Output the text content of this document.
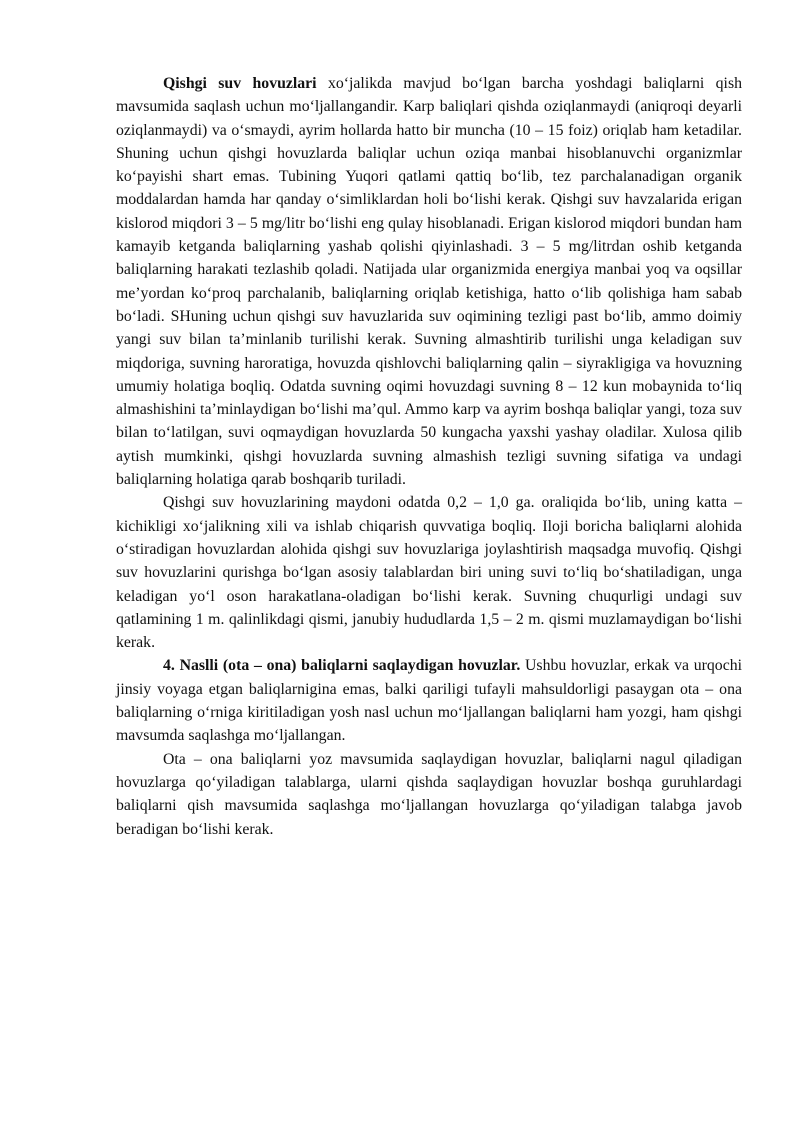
Qishgi suv hovuzlari xo‘jalikda mavjud bo‘lgan barcha yoshdagi baliqlarni qish mavsumida saqlash uchun mo‘ljallangandir. Karp baliqlari qishda oziqlanmaydi (aniqroqi deyarli oziqlanmaydi) va o‘smaydi, ayrim hollarda hatto bir muncha (10 – 15 foiz) oriqlab ham ketadilar. Shuning uchun qishgi hovuzlarda baliqlar uchun oziqa manbai hisoblanuvchi organizmlar ko‘payishi shart emas. Tubining Yuqori qatlami qattiq bo‘lib, tez parchalanadigan organik moddalardan hamda har qanday o‘simliklardan holi bo‘lishi kerak. Qishgi suv havzalarida erigan kislorod miqdori 3 – 5 mg/litr bo‘lishi eng qulay hisoblanadi. Erigan kislorod miqdori bundan ham kamayib ketganda baliqlarning yashab qolishi qiyinlashadi. 3 – 5 mg/litrdan oshib ketganda baliqlarning harakati tezlashib qoladi. Natijada ular organizmida energiya manbai yoq va oqsillar me’yordan ko‘proq parchalanib, baliqlarning oriqlab ketishiga, hatto o‘lib qolishiga ham sabab bo‘ladi. SHuning uchun qishgi suv havuzlarida suv oqimining tezligi past bo‘lib, ammo doimiy yangi suv bilan ta’minlanib turilishi kerak. Suvning almashtirib turilishi unga keladigan suv miqdoriga, suvning haroratiga, hovuzda qishlovchi baliqlarning qalin – siyrakligiga va hovuzning umumiy holatiga boqliq. Odatda suvning oqimi hovuzdagi suvning 8 – 12 kun mobaynida to‘liq almashishini ta’minlaydigan bo‘lishi ma’qul. Ammo karp va ayrim boshqa baliqlar yangi, toza suv bilan to‘latilgan, suvi oqmaydigan hovuzlarda 50 kungacha yaxshi yashay oladilar. Xulosa qilib aytish mumkinki, qishgi hovuzlarda suvning almashish tezligi suvning sifatiga va undagi baliqlarning holatiga qarab boshqarib turiladi.

Qishgi suv hovuzlarining maydoni odatda 0,2 – 1,0 ga. oraliqida bo‘lib, uning katta – kichikligi xo‘jalikning xili va ishlab chiqarish quvvatiga boqliq. Iloji boricha baliqlarni alohida o‘stiradigan hovuzlardan alohida qishgi suv hovuzlariga joylashtirish maqsadga muvofiq. Qishgi suv hovuzlarini qurishga bo‘lgan asosiy talablardan biri uning suvi to‘liq bo‘shatiladigan, unga keladigan yo‘l oson harakatlana-oladigan bo‘lishi kerak. Suvning chuqurligi undagi suv qatlamining 1 m. qalinlikdagi qismi, janubiy hududlarda 1,5 – 2 m. qismi muzlamaydigan bo‘lishi kerak.

4. Naslli (ota – ona) baliqlarni saqlaydigan hovuzlar. Ushbu hovuzlar, erkak va urqochi jinsiy voyaga etgan baliqlarnigina emas, balki qariligi tufayli mahsuldorligi pasaygan ota – ona baliqlarning o‘rniga kiritiladigan yosh nasl uchun mo‘ljallangan baliqlarni ham yozgi, ham qishgi mavsumda saqlashga mo‘ljallangan.

Ota – ona baliqlarni yoz mavsumida saqlaydigan hovuzlar, baliqlarni nagul qiladigan hovuzlarga qo‘yiladigan talablarga, ularni qishda saqlaydigan hovuzlar boshqa guruhlardagi baliqlarni qish mavsumida saqlashga mo‘ljallangan hovuzlarga qo‘yiladigan talabga javob beradigan bo‘lishi kerak.
